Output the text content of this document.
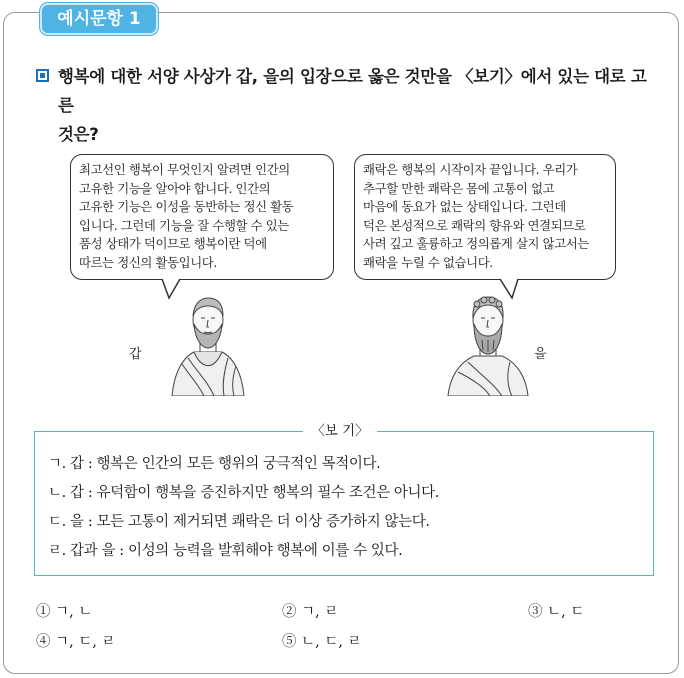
예시문항 1
행복에 대한 서양 사상가 갑, 을의 입장으로 옳은 것만을 〈보기〉에서 있는 대로 고른
것은?
최고선인 행복이 무엇인지 알려면 인간의
고유한 기능을 알아야 합니다. 인간의
고유한 기능은 이성을 동반하는 정신 활동
입니다. 그런데 기능을 잘 수행할 수 있는
품성 상태가 덕이므로 행복이란 덕에
따르는 정신의 활동입니다.
쾌락은 행복의 시작이자 끝입니다. 우리가
추구할 만한 쾌락은 몸에 고통이 없고
마음에 동요가 없는 상태입니다. 그런데
덕은 본성적으로 쾌락의 향유와 연결되므로
사려 깊고 훌륭하고 정의롭게 살지 않고서는
쾌락을 누릴 수 없습니다.
갑	을
〈보 기〉
ㄱ. 갑 : 행복은 인간의 모든 행위의 궁극적인 목적이다.
ㄴ. 갑 : 유덕함이 행복을 증진하지만 행복의 필수 조건은 아니다.
ㄷ. 을 : 모든 고통이 제거되면 쾌락은 더 이상 증가하지 않는다.
ㄹ. 갑과 을 : 이성의 능력을 발휘해야 행복에 이를 수 있다.
① ㄱ, ㄴ	② ㄱ, ㄹ	③ ㄴ, ㄷ
④ ㄱ, ㄷ, ㄹ	⑤ ㄴ, ㄷ, ㄹ
